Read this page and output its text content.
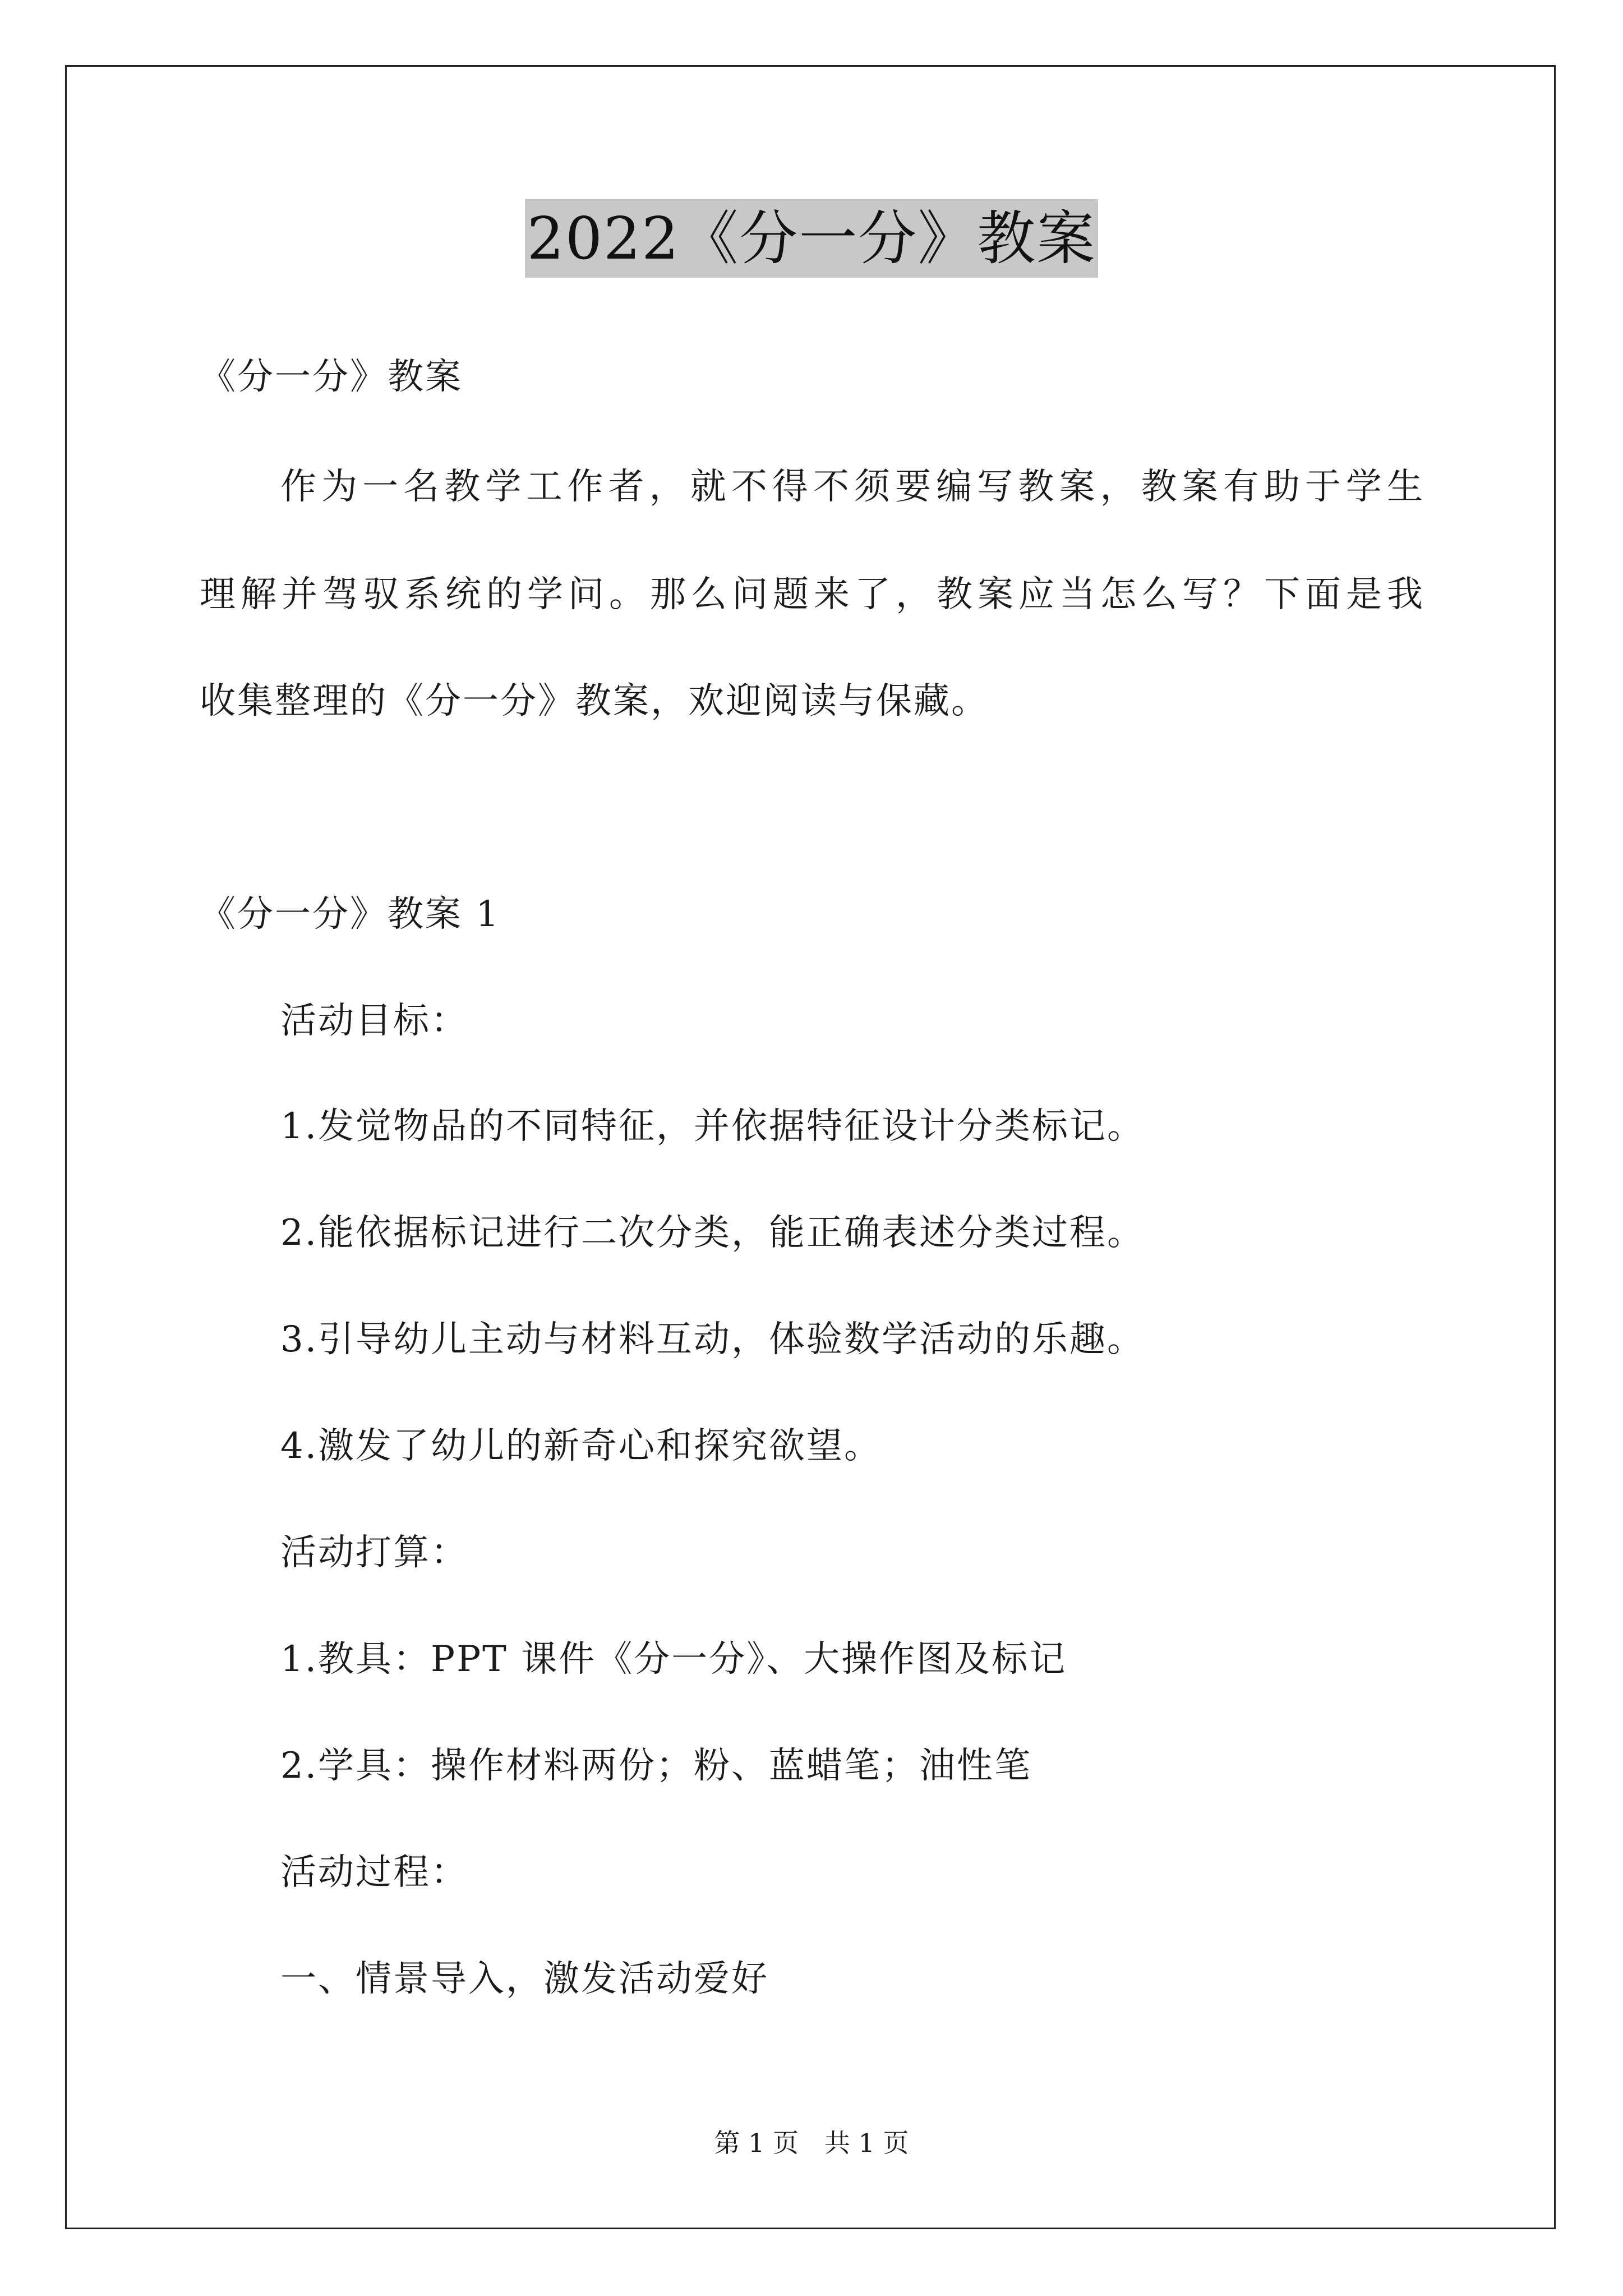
2022《分一分》教案
《分一分》教案
作为一名教学工作者，就不得不须要编写教案，教案有助于学生
理解并驾驭系统的学问。那么问题来了，教案应当怎么写？下面是我
收集整理的《分一分》教案，欢迎阅读与保藏。
《分一分》教案 1
活动目标：
1.发觉物品的不同特征，并依据特征设计分类标记。
2.能依据标记进行二次分类，能正确表述分类过程。
3.引导幼儿主动与材料互动，体验数学活动的乐趣。
4.激发了幼儿的新奇心和探究欲望。
活动打算：
1.教具：PPT 课件《分一分》、大操作图及标记
2.学具：操作材料两份；粉、蓝蜡笔；油性笔
活动过程：
一、情景导入，激发活动爱好
第 1 页　共 1 页
